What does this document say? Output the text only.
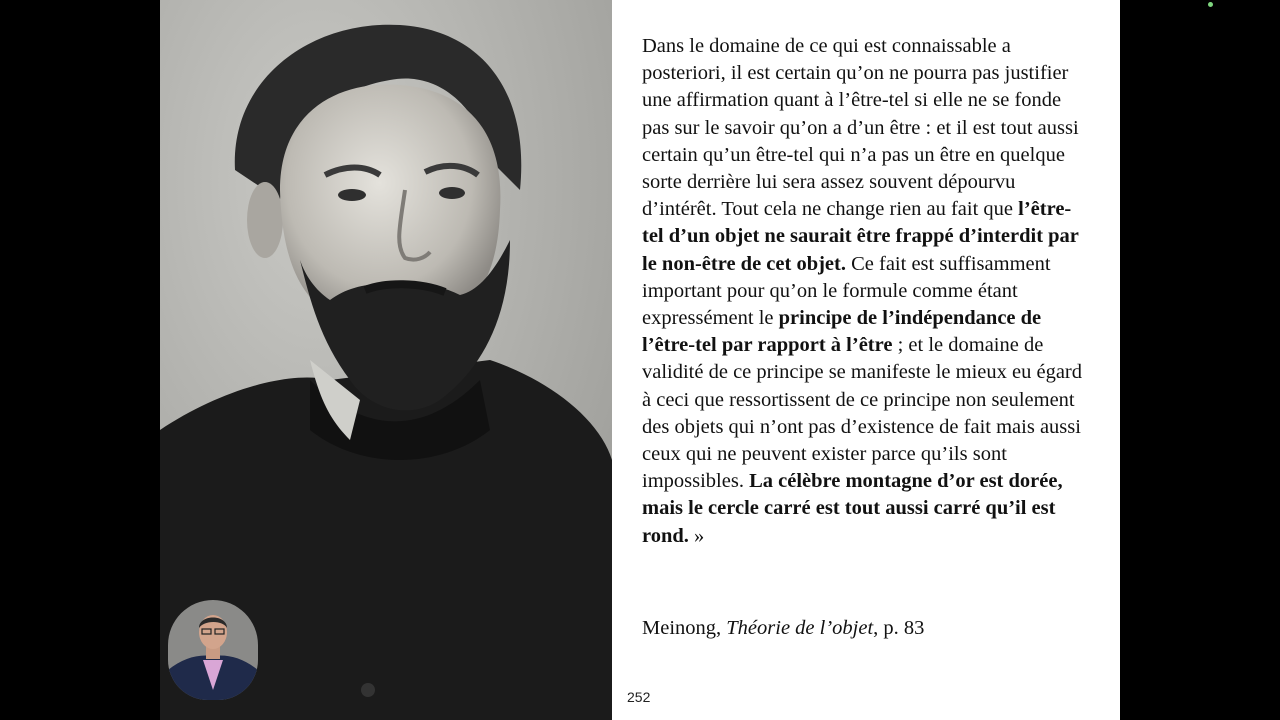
Dans le domaine de ce qui est connaissable a posteriori, il est certain qu’on ne pourra pas justifier une affirmation quant à l’être-tel si elle ne se fonde pas sur le savoir qu’on a d’un être : et il est tout aussi certain qu’un être-tel qui n’a pas un être en quelque sorte derrière lui sera assez souvent dépourvu d’intérêt. Tout cela ne change rien au fait que l’être-tel d’un objet ne saurait être frappé d’interdit par le non-être de cet objet. Ce fait est suffisamment important pour qu’on le formule comme étant expressément le principe de l’indépendance de l’être-tel par rapport à l’être ; et le domaine de validité de ce principe se manifeste le mieux eu égard à ceci que ressortissent de ce principe non seulement des objets qui n’ont pas d’existence de fait mais aussi ceux qui ne peuvent exister parce qu’ils sont impossibles. La célèbre montagne d’or est dorée, mais le cercle carré est tout aussi carré qu’il est rond. »

Meinong, Théorie de l’objet, p. 83

252
